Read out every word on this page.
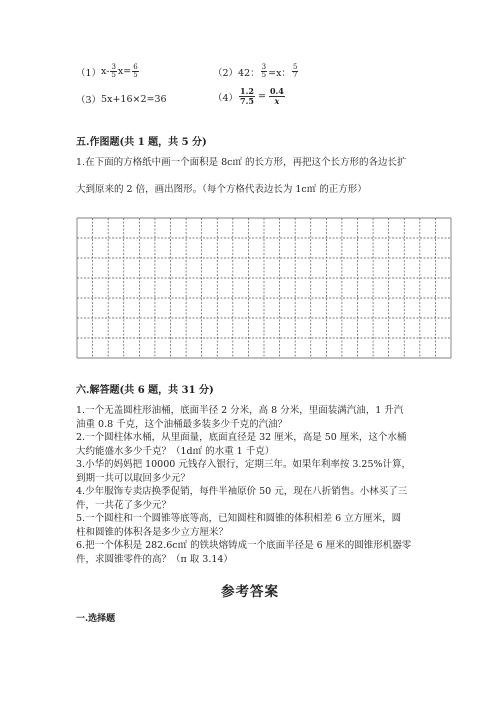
（1） $x- \frac{3}{5} x= \frac{6}{5}$	（2） 42： $\frac{3}{5} =x$： $\frac{5}{7}$
（3） 5x+16×2=36	$(4) \frac{1.2}{7.5} = \frac{0.4}{x}$
五.作图题(共 1 题，共 5 分)
1.在下面的方格纸中画一个面积是 8c㎡ 的长方形，再把这个长方形的各边长扩
大到原来的 2 倍，画出图形。（每个方格代表边长为 1c㎡ 的正方形）
六.解答题(共 6 题，共 31 分)
1.一个无盖圆柱形油桶，底面半径 2 分米，高 8 分米，里面装满汽油，1 升汽
油重 0.8 千克，这个油桶最多装多少千克的汽油？
2.一个圆柱体水桶，从里面量，底面直径是 32 厘米，高是 50 厘米，这个水桶
大约能盛水多少千克？（1d㎡ 的水重 1 千克）
3.小华的妈妈把 10000 元钱存入银行，定期三年。如果年利率按 3.25%计算，
到期一共可以取回多少元？
4.少年服饰专卖店换季促销，每件半袖原价 50 元，现在八折销售。小林买了三
件，一共花了多少元？
5.一个圆柱和一个圆锥等底等高，已知圆柱和圆锥的体积相差 6 立方厘米，圆
柱和圆锥的体积各是多少立方厘米？
6.把一个体积是 282.6c㎡ 的铁块熔铸成一个底面半径是 6 厘米的圆锥形机器零
件，求圆锥零件的高？（π 取 3.14）
参考答案
一.选择题
